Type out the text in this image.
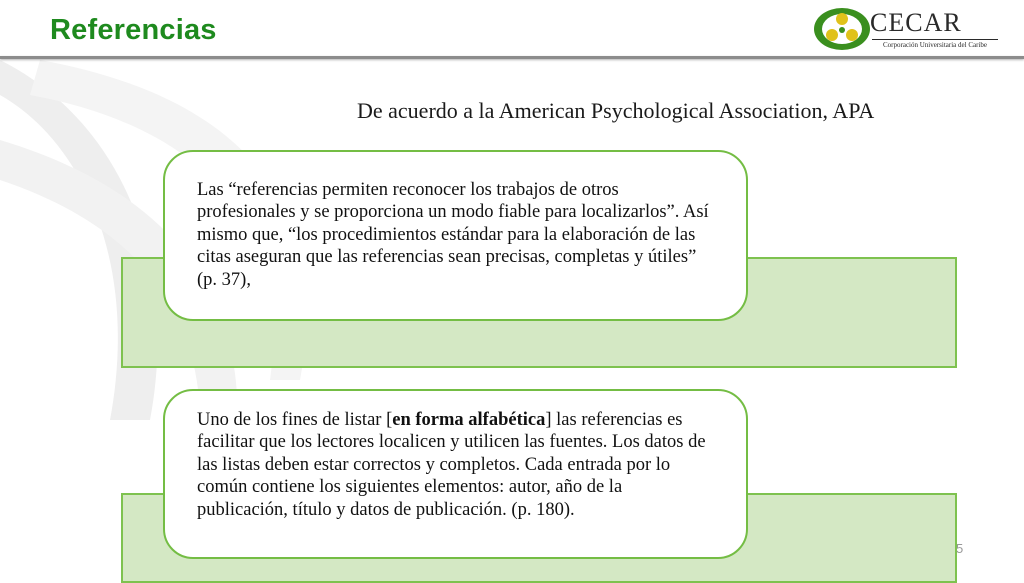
Referencias	CECAR
Corporación Universitaria del Caribe
De acuerdo a la American Psychological Association, APA
Las “referencias permiten reconocer los trabajos de otros profesionales y se proporciona un modo fiable para localizarlos”. Así mismo que, “los procedimientos estándar para la elaboración de las citas aseguran que las referencias sean precisas, completas y útiles” (p. 37),
Uno de los fines de listar [en forma alfabética] las referencias es facilitar que los lectores localicen y utilicen las fuentes. Los datos de las listas deben estar correctos y completos. Cada entrada por lo común contiene los siguientes elementos: autor, año de la publicación, título y datos de publicación. (p. 180).
5
